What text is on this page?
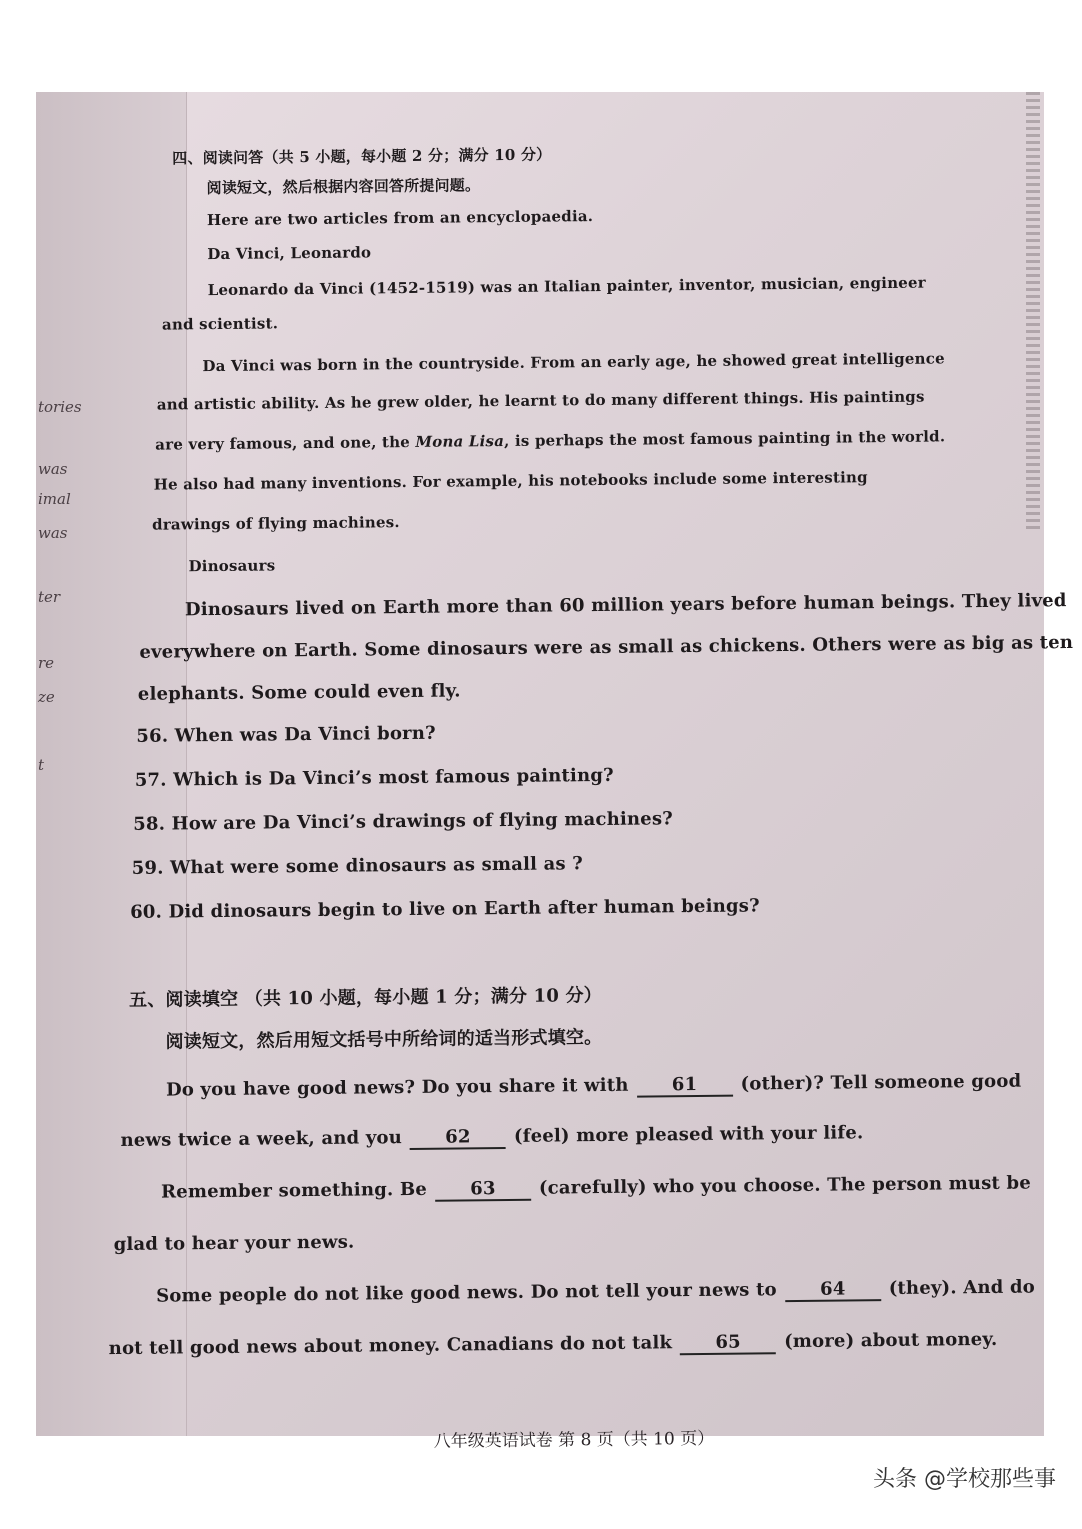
tories
was
imal
was
ter
re
ze
t
四、阅读问答（共 5 小题，每小题 2 分；满分 10 分）
阅读短文，然后根据内容回答所提问题。
Here are two articles from an encyclopaedia.
Da Vinci, Leonardo
Leonardo da Vinci (1452-1519) was an Italian painter, inventor, musician, engineer
and scientist.
Da Vinci was born in the countryside. From an early age, he showed great intelligence
and artistic ability. As he grew older, he learnt to do many different things. His paintings
are very famous, and one, the Mona Lisa, is perhaps the most famous painting in the world.
He also had many inventions. For example, his notebooks include some interesting
drawings of flying machines.
Dinosaurs
Dinosaurs lived on Earth more than 60 million years before human beings. They lived
everywhere on Earth. Some dinosaurs were as small as chickens. Others were as big as ten
elephants. Some could even fly.
56. When was Da Vinci born?
57. Which is Da Vinci’s most famous painting?
58. How are Da Vinci’s drawings of flying machines?
59. What were some dinosaurs as small as ?
60. Did dinosaurs begin to live on Earth after human beings?
五、阅读填空 （共 10 小题，每小题 1 分；满分 10 分）
阅读短文，然后用短文括号中所给词的适当形式填空。
Do you have good news? Do you share it with 61 (other)? Tell someone good
news twice a week, and you 62 (feel) more pleased with your life.
Remember something. Be 63 (carefully) who you choose. The person must be
glad to hear your news.
Some people do not like good news. Do not tell your news to 64 (they). And do
not tell good news about money. Canadians do not talk 65 (more) about money.
八年级英语试卷 第 8 页（共 10 页）
头条 @学校那些事
